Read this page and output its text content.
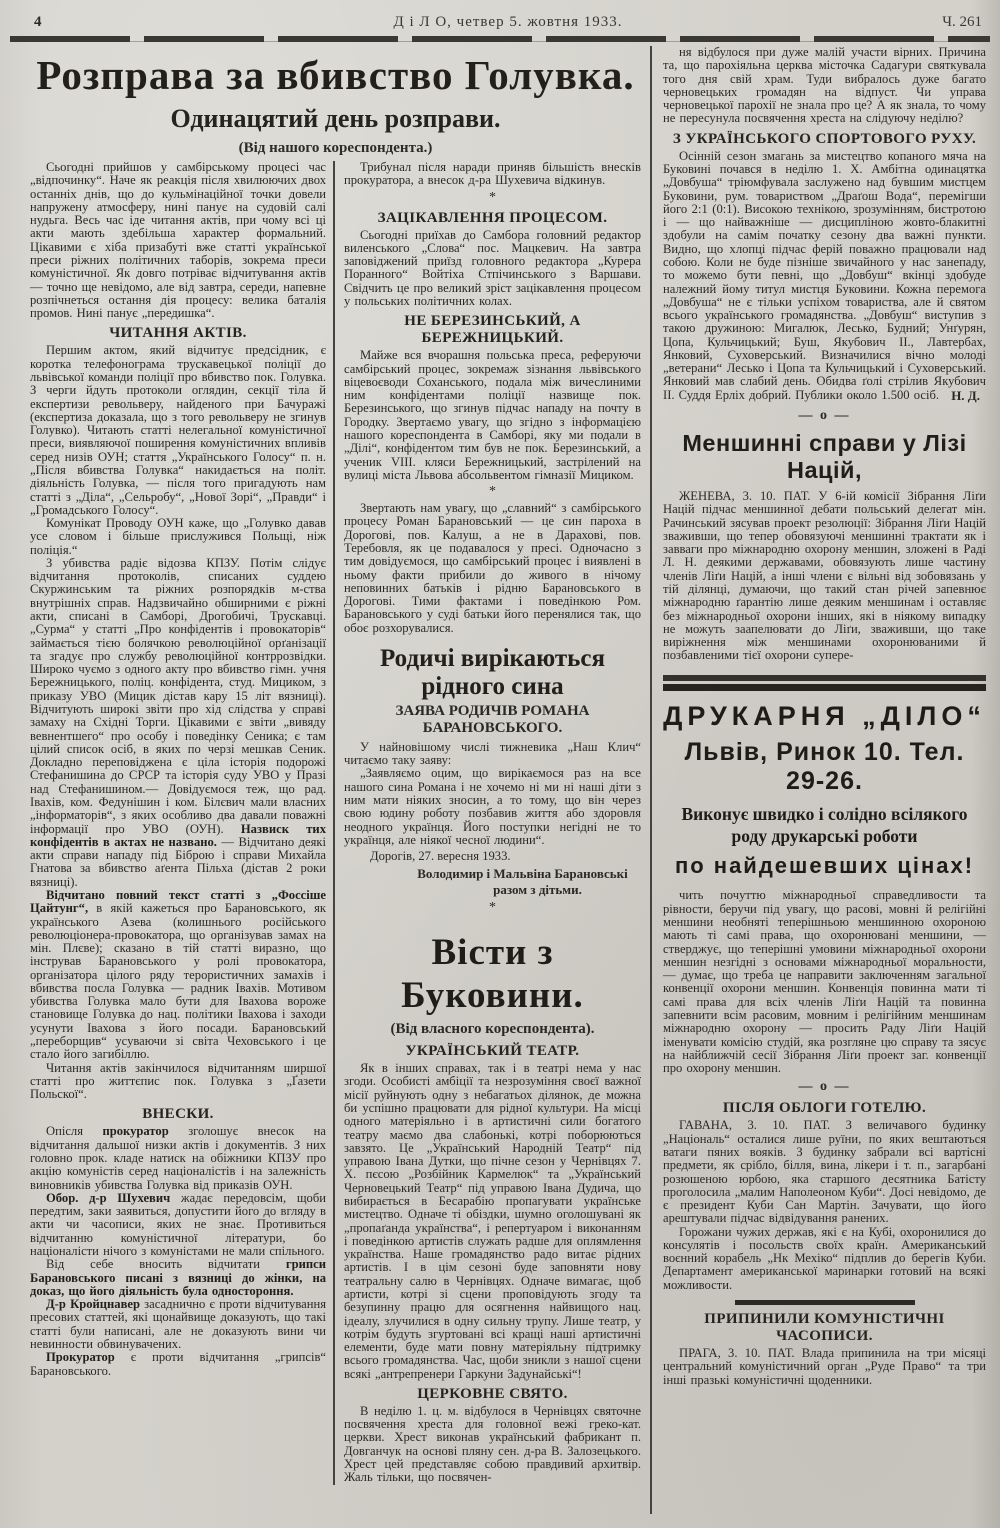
4	Д і Л О, четвер 5. жовтня 1933.	Ч. 261
Розправа за вбивство Голувка.
Одинацятий день розправи.
(Від нашого кореспондента.)

Сьогодні прийшов у самбірському процесі час „відпочинку“. Наче як реакція після хвилюючих двох останніх днів, що до кульмінаційної точки довели напружену атмосферу, нині панує на судовій салі нудьга. Весь час іде читання актів, при чому всі ці акти мають здебільша характер формальний. Цікавими є хіба призабуті вже статті української преси ріжних політичних таборів, зокрема преси комуністичної. Як довго потріває відчитування актів — точно ще невідомо, але від завтра, середи, напевне розпічнеться остання дія процесу: велика баталія промов. Нині панує „передишка“.

ЧИТАННЯ АКТІВ.

Першим актом, який відчитує предсідник, є коротка телефонограма трускавецької поліції до львівської команди поліції про вбивство пок. Голувка. З черги йдуть протоколи оглядин, секції тіла й експертизи револьверу, найденого при Бачуражі (експертиза доказала, що з того револьверу не згинув Голувко). Читають статті нелегальної комуністичної преси, виявляючої поширення комуністичних впливів серед низів ОУН; стаття „Українського Голосу“ п. н. „Після вбивства Голувка“ накидається на політ. діяльність Голувка, — після того пригадують нам статті з „Діла“, „Сельробу“, „Нової Зорі“, „Правди“ і „Громадського Голосу“.

Комунікат Проводу ОУН каже, що „Голувко давав усе словом і більше прислужився Польщі, ніж поліція.“

З убивства радіє відозва КПЗУ. Потім слідує відчитання протоколів, списаних суддею Скуржинським та ріжних розпорядків м-ства внутрішніх справ. Надзвичайно обширними є ріжні акти, списані в Самборі, Дрогобичі, Трускавці. „Сурма“ у статті „Про конфідентів і провокаторів“ займається тією болячкою революційної орґанізації та згадує про службу революційної контррозвідки. Широко чуємо з одного акту про вбивство гімн. учня Бережницького, поліц. конфідента, студ. Мициком, з приказу УВО (Мицик дістав кару 15 літ вязниці). Відчитують широкі звіти про хід слідства у справі замаху на Східні Торги. Цікавими є звіти „вивяду вевнентшего“ про особу і поведінку Сеника; є там цілий список осіб, в яких по черзі мешкав Сеник. Докладно переповіджена є ціла історія подорожі Стефанишина до СРСР та історія суду УВО у Празі над Стефанишином.— Довідуємося теж, що рад. Івахів, ком. Федунішин і ком. Білєвич мали власних „інформаторів“, з яких особливо два давали поважні інформації про УВО (ОУН). Назвиск тих конфідентів в актах не названо. — Відчитано деякі акти справи нападу під Біброю і справи Михайла Гнатова за вбивство аґента Пільха (дістав 2 роки вязниці).

Відчитано повний текст статті з „Фоссіше Цайтунг“, в якій кажеться про Барановського, як українського Азева (колишнього російського революціонера-провокатора, що організував замах на мін. Плєве); сказано в тій статті виразно, що інстрував Барановського у ролі провокатора, організатора цілого ряду терористичних замахів і вбивства посла Голувка — радник Івахів. Мотивом убивства Голувка мало бути для Івахова вороже становище Голувка до нац. політики Івахова і заходи усунути Івахова з його посади. Барановський „переборщив“ усуваючи зі світа Чеховського і це стало його загибіллю.

Читання актів закінчилося відчитанням ширшої статті про життєпис пок. Голувка з „Ґазети Польскої“.

ВНЕСКИ.

Опісля прокуратор зголошує внесок на відчитання дальшої низки актів і документів. З них головно прок. кладе натиск на обіжники КПЗУ про акцію комуністів серед націоналістів і на залежність виновників убивства Голувка від приказів ОУН.

Обор. д-р Шухевич жадає передовсім, щоби передтим, заки заявиться, допустити його до вгляду в акти чи часописи, яких не знає. Противиться відчитанню комуністичної літератури, бо націоналісти нічого з комуністами не мали спільного.

Від себе вносить відчитати грипси Барановського писані з вязниці до жінки, на доказ, що його діяльність була одностороння.

Д-р Кройцнавер засаднично є проти відчитування пресових статтей, які щонайвище доказують, що такі статті були написані, але не доказують вини чи невинности обвинувачених.

Прокуратор є проти відчитання „грипсів“ Барановського.

Трибунал після наради приняв більшість внесків прокуратора, а внесок д-ра Шухевича відкинув.

*
ЗАЦІКАВЛЕННЯ ПРОЦЕСОМ.

Сьогодні приїхав до Самбора головний редактор виленського „Слова“ пос. Мацкевич. На завтра заповіджений приїзд головного редактора „Курера Поранного“ Войтіха Стпічинського з Варшави. Свідчить це про великий зріст зацікавлення процесом у польських політичних колах.

НЕ БЕРЕЗИНСЬКИЙ, А БЕРЕЖНИЦЬКИЙ.

Майже вся вчорашня польська преса, реферуючи самбірський процес, зокремаж зізнання львівського віцевоєводи Соханського, подала між вичеслиними ним конфідентами поліції назвище пок. Березинського, що згинув підчас нападу на почту в Городку. Звертаємо увагу, що згідно з інформацією нашого кореспондента в Самборі, яку ми подали в „Ділі“, конфідентом тим був не пок. Березинський, а ученик VIII. кляси Бережницький, застрілений на вулиці міста Львова абсольвентом гімназії Мициком.

*

Звертають нам увагу, що „славний“ з самбірського процесу Роман Барановський — це син пароха в Дорогові, пов. Калуш, а не в Дарахові, пов. Теребовля, як це подавалося у пресі. Одночасно з тим довідуємося, що самбірський процес і виявлені в ньому факти прибили до живого в нічому неповинних батьків і рідню Барановського в Дорогові. Тими фактами і поведінкою Ром. Барановського у суді батьки його перенялися так, що обоє розхорувалися.

Родичі вирікаються рідного сина
ЗАЯВА РОДИЧІВ РОМАНА БАРАНОВСЬКОГО.

У найновішому числі тижневика „Наш Клич“ читаємо таку заяву:

„Заявляємо оцим, що вирікаємося раз на все нашого сина Романа і не хочемо ні ми ні наші діти з ним мати ніяких зносин, а то тому, що він через свою юдину роботу позбавив життя або здоровля неодного українця. Його поступки негідні не то українця, але ніякої чесної людини“.

Дорогів, 27. вересня 1933.

Володимир і Мальвіна Барановські
разом з дітьми.
*
Вісти з Буковини.
(Від власного кореспондента).
УКРАЇНСЬКИЙ ТЕАТР.

Як в інших справах, так і в театрі нема у нас згоди. Особисті амбіції та незрозуміння своєї важної місії руйнують одну з небагатьох ділянок, де можна би успішно працювати для рідної культури. На місці одного матеріяльно і в артистичні сили богатого театру маємо два слабонькі, котрі поборюються завзято. Це „Український Народній Театр“ під управою Івана Дутки, що пічне сезон у Чернівцях 7. X. пєсою „Розбійник Кармелюк“ та „Український Черновецький Театр“ під управою Івана Дудича, що вибирається в Бесарабію пропагувати українське мистецтво. Одначе ті обіздки, шумно оголошувані як „пропаґанда українства“, і репертуаром і виконанням і поведінкою артистів служать радше для оплямлення українства. Наше громадянство радо витає рідних артистів. І в цім сезоні буде заповняти нову театральну салю в Чернівцях. Одначе вимагає, щоб артисти, котрі зі сцени проповідують згоду та безупинну працю для осягнення найвищого нац. ідеалу, злучилися в одну сильну трупу. Лише театр, у котрім будуть згуртовані всі кращі наші артистичні елементи, буде мати повну матеріяльну підтримку всього громадянства. Час, щоби зникли з нашої сцени всякі „антрепренери Гаркуни Задунайські“!

ЦЕРКОВНЕ СВЯТО.

В неділю 1. ц. м. відбулося в Чернівцях святочне посвячення хреста для головної вежі греко-кат. церкви. Хрест виконав український фабрикант п. Довганчук на основі пляну сен. д-ра В. Залозецького. Хрест цей представляє собою правдивий архитвір. Жаль тільки, що посвячен-

ня відбулося при дуже малій участи вірних. Причина та, що парохіяльна церква місточка Садагури святкувала того дня свій храм. Туди вибралось дуже багато черновецьких громадян на відпуст. Чи управа черновецької парохії не знала про це? А як знала, то чому не пересунула посвячення хреста на слідуючу неділю?

З УКРАЇНСЬКОГО СПОРТОВОГО РУХУ.

Осінній сезон змагань за мистецтво копаного мяча на Буковині почався в неділю 1. X. Амбітна одинацятка „Довбуша“ тріюмфувала заслужено над бувшим мистцем Буковини, рум. товариством „Драґош Вода“, перемігши його 2:1 (0:1). Високою технікою, зрозумінням, бистротою і — що найважніше — дисципліною жовто-блакитні здобули на самім початку сезону два важні пункти. Видно, що хлопці підчас ферій поважно працювали над собою. Коли не буде пізніше звичайного у нас занепаду, то можемо бути певні, що „Довбуш“ вкінці здобуде належний йому титул мистця Буковини. Кожна перемога „Довбуша“ не є тільки успіхом товариства, але й святом всього українського громадянства. „Довбуш“ виступив з такою дружиною: Мигалюк, Лесько, Будний; Унґурян, Цопа, Кульчицький; Буш, Якубович ІІ., Лавтербах, Янковий, Суховерський. Визначилися вічно молоді „ветерани“ Лесько і Цопа та Кульчицький і Суховерський. Янковий мав слабий день. Обидва ґолі стрілив Якубович ІІ. Суддя Ерліх добрий. Публики около 1.500 осіб. Н. Д.
— о —
Меншинні справи у Лізі Націй,

ЖЕНЕВА, 3. 10. ПАТ. У 6-ій комісії Зібрання Ліґи Націй підчас меншинної дебати польський делегат мін. Рачинський зясував проект резолюції: Зібрання Ліґи Націй зваживши, що тепер обовязуючі меншинні трактати як і завваги про міжнародню охорону меншин, зложені в Раді Л. Н. деякими державами, обовязують лише частину членів Ліґи Націй, а інші члени є вільні від зобовязань у тій ділянці, думаючи, що такий стан річей запевнює міжнародню ґарантію лише деяким меншинам і оставляє без міжнародньої охорони інших, які в ніякому випадку не можуть заапелювати до Ліґи, зваживши, що таке виріжнення між меншинами охоронюваними й позбавленими тієї охорони супере-

ДРУКАРНЯ „ДІЛО“
Львів, Ринок 10. Тел. 29-26.
Виконує швидко і солідно всілякого роду друкарські роботи
по найдешевших цінах!

чить почуттю міжнародньої справедливости та рівности, беручи під увагу, що расові, мовні й релігійні меншини необняті теперішньою меншинною охороною мають ті самі права, що охоронювані меншини, — стверджує, що теперішні умовини міжнародньої охорони меншин незгідні з основами міжнародньої моральности, — думає, що треба це направити заключенням загальної конвенції охорони меншин. Конвенція повинна мати ті самі права для всіх членів Ліґи Націй та повинна запевнити всім расовим, мовним і релігійним меншинам міжнародню охорону — просить Раду Ліґи Націй іменувати комісію студій, яка розгляне цю справу та зясує на найближчій сесії Зібрання Ліґи проект заг. конвенції про охорону меншин.

— о —
ПІСЛЯ ОБЛОГИ ГОТЕЛЮ.

ГАВАНА, 3. 10. ПАТ. З величавого будинку „Національ“ осталися лише руїни, по яких вештаються ватаги пяних вояків. З будинку забрали всі вартісні предмети, як срібло, білля, вина, лікери і т. п., загарбані розюшеною юрбою, яка старшого десятника Батісту проголосила „малим Наполеоном Куби“. Досі невідомо, де є президент Куби Сан Мартін. Зачувати, що його арештували підчас відвідування ранених.

Горожани чужих держав, які є на Кубі, охоронилися до консулятів і посольств своїх країн. Американський воєнний корабель „Нк Мехіко“ підплив до берегів Куби. Департамент американської маринарки готовий на всякі можливости.

ПРИПИНИЛИ КОМУНІСТИЧНІ ЧАСОПИСИ.

ПРАГА, 3. 10. ПАТ. Влада припинила на три місяці центральний комуністичний орган „Руде Право“ та три інші празькі комуністичні щоденники.
